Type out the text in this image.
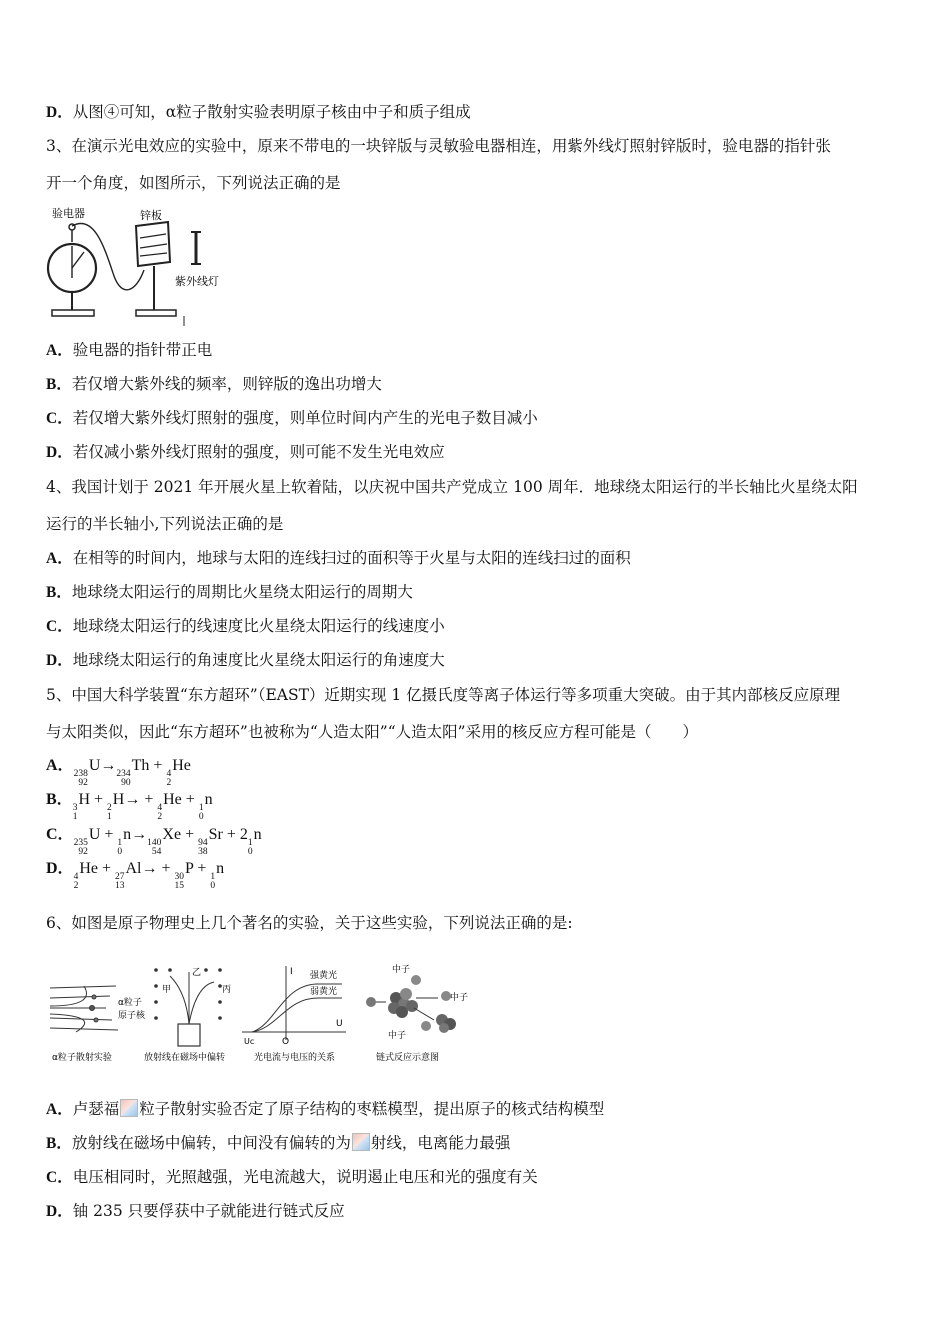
D．从图④可知，α粒子散射实验表明原子核由中子和质子组成
3、在演示光电效应的实验中，原来不带电的一块锌版与灵敏验电器相连，用紫外线灯照射锌版时，验电器的指针张
开一个角度，如图所示，下列说法正确的是
验电器	锌板
紫外线灯
A．验电器的指针带正电
B．若仅增大紫外线的频率，则锌版的逸出功增大
C．若仅增大紫外线灯照射的强度，则单位时间内产生的光电子数目减小
D．若仅减小紫外线灯照射的强度，则可能不发生光电效应
4、我国计划于 2021 年开展火星上软着陆，以庆祝中国共产党成立 100 周年．地球绕太阳运行的半长轴比火星绕太阳
运行的半长轴小,下列说法正确的是
A．在相等的时间内，地球与太阳的连线扫过的面积等于火星与太阳的连线扫过的面积
B．地球绕太阳运行的周期比火星绕太阳运行的周期大
C．地球绕太阳运行的线速度比火星绕太阳运行的线速度小
D．地球绕太阳运行的角速度比火星绕太阳运行的角速度大
5、中国大科学装置“东方超环”（EAST）近期实现 1 亿摄氏度等离子体运行等多项重大突破。由于其内部核反应原理
与太阳类似，因此“东方超环”也被称为“人造太阳”“人造太阳”采用的核反应方程可能是（　　）
A． 238
92
U→ 234
90
Th + 4
2
He
B． 3
1
H + 2
1
H→ + 4
2
He + 1
0
n
C． 235
92
U + 1
0
n→ 140
54
Xe + 94
38
Sr + 2 1
0
n
D． 4
2
He + 27
13
Al→ + 30
15
P + 1
0
n
6、如图是原子物理史上几个著名的实验，关于这些实验，下列说法正确的是:
α粒子
原子核
α粒子散射实验
乙
甲	丙
放射线在磁场中偏转
I 强黄光
弱黄光
U
O
Uc
光电流与电压的关系
中子
中子
中子
链式反应示意图
A．卢瑟福 粒子散射实验否定了原子结构的枣糕模型，提出原子的核式结构模型
B．放射线在磁场中偏转，中间没有偏转的为 射线，电离能力最强
C．电压相同时，光照越强，光电流越大，说明遏止电压和光的强度有关
D．铀 235 只要俘获中子就能进行链式反应
